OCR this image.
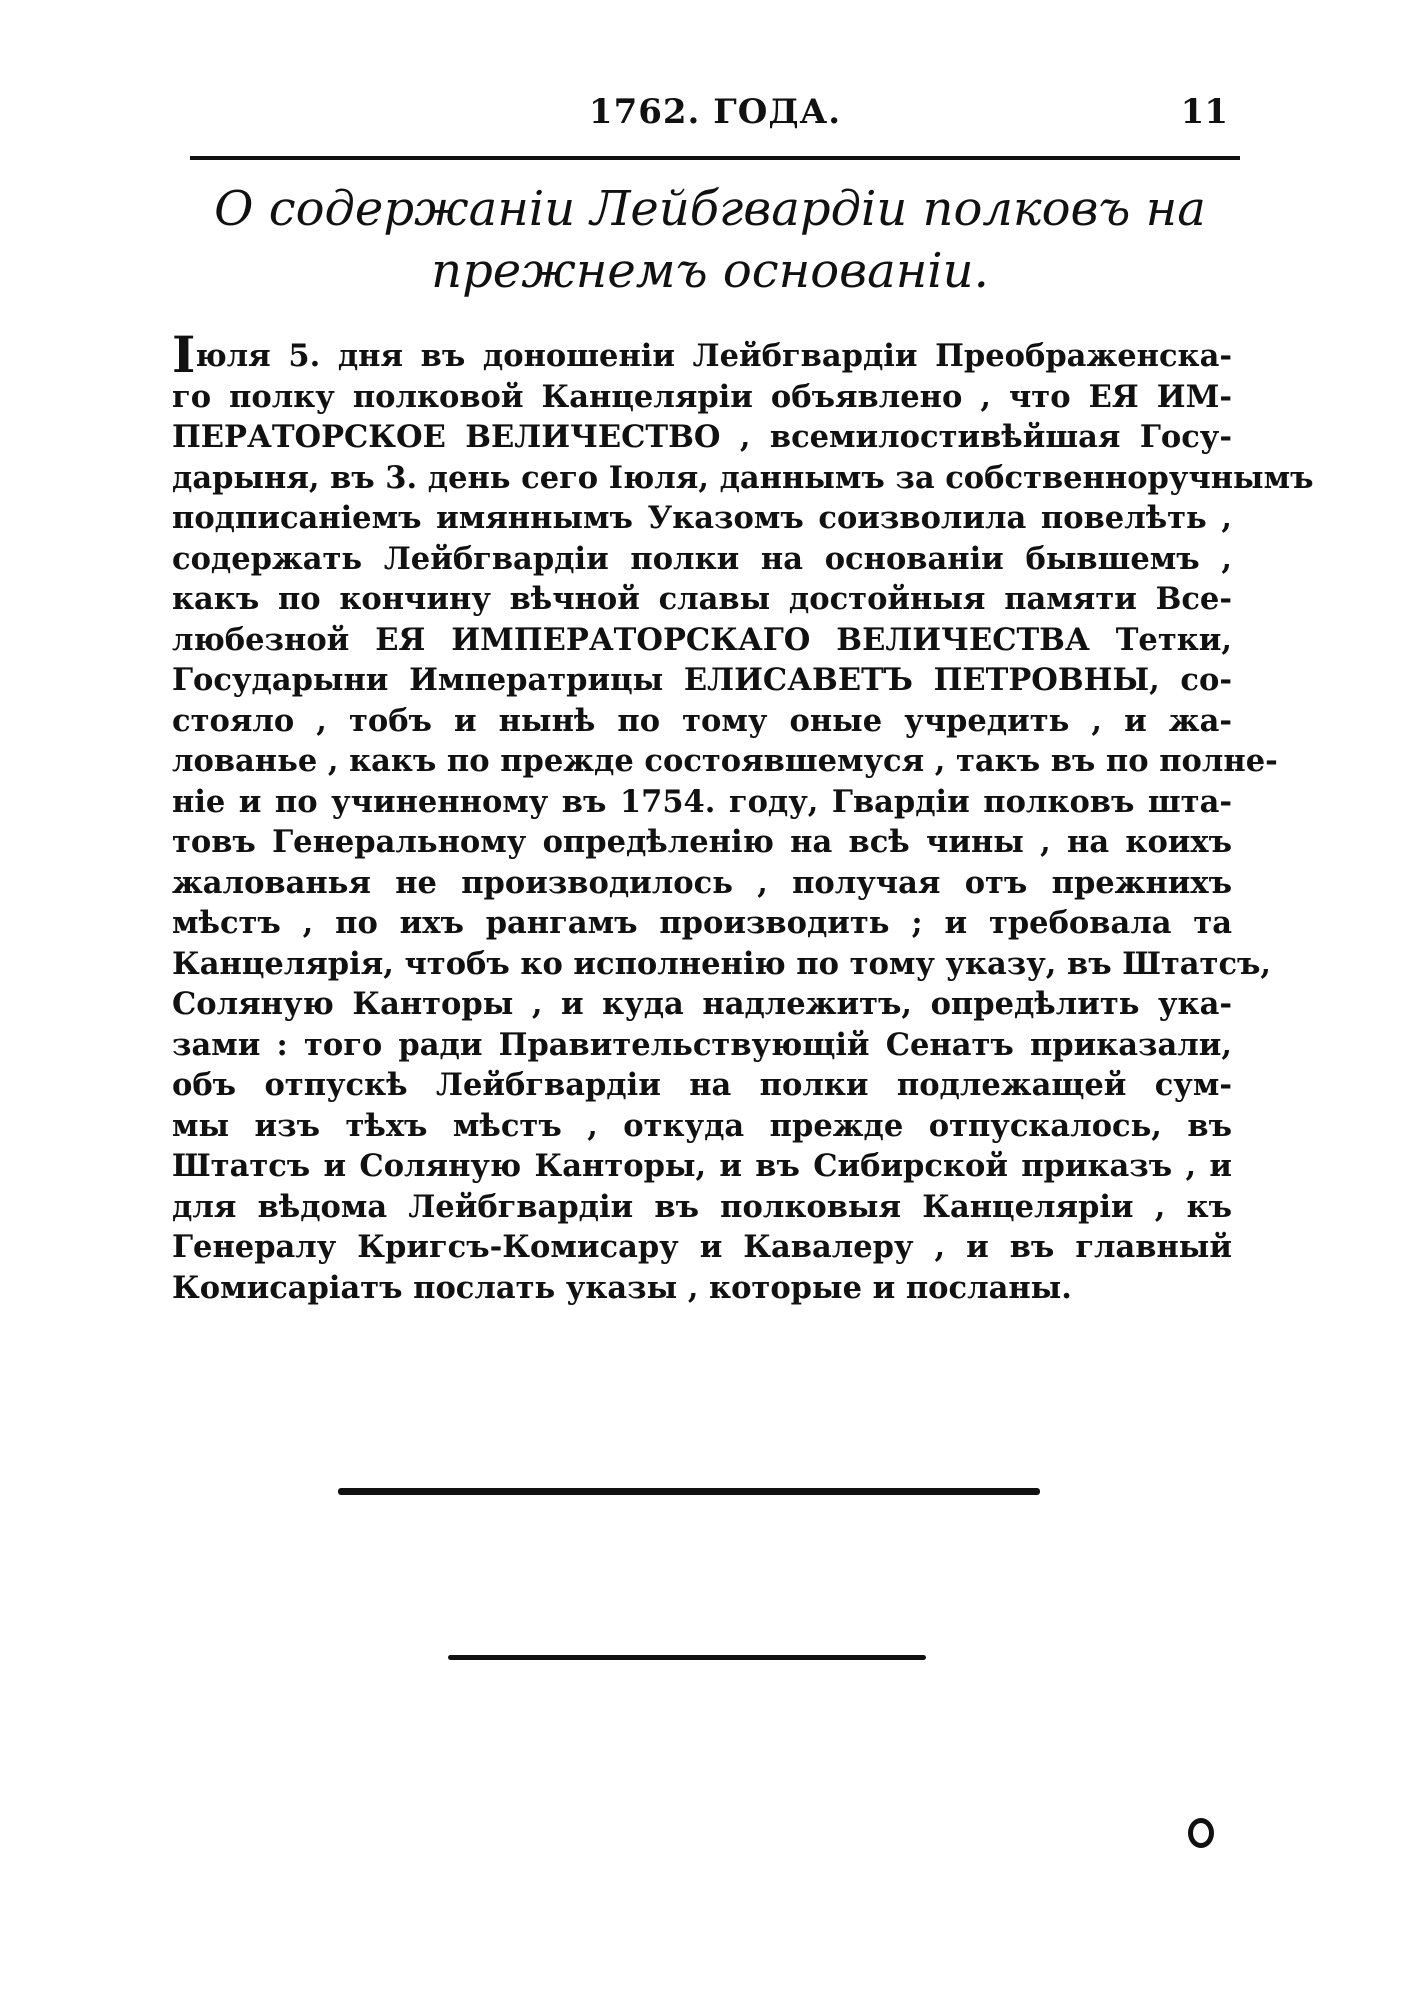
1762. ГОДА.	11
О содержанiи Лейбгвардiи полковъ на
прежнемъ основанiи.
Iюля 5. дня въ доношенiи Лейбгвардiи Преображенска-
го полку полковой Канцелярiи объявлено , что ЕЯ ИМ-
ПЕРАТОРСКОЕ ВЕЛИЧЕСТВО , всемилостивѣйшая Госу-
дарыня, въ 3. день сего Iюля, даннымъ за собственноручнымъ
подписанiемъ имяннымъ Указомъ соизволила повелѣть ,
содержать Лейбгвардiи полки на основанiи бывшемъ ,
какъ по кончину вѣчной славы достойныя памяти Все-
любезной ЕЯ ИМПЕРАТОРСКАГО ВЕЛИЧЕСТВА Тетки,
Государыни Императрицы ЕЛИСАВЕТЪ ПЕТРОВНЫ, со-
стояло , тобъ и нынѣ по тому оные учредить , и жа-
лованье , какъ по прежде состоявшемуся , такъ въ по полне-
нiе и по учиненному въ 1754. году, Гвардiи полковъ шта-
товъ Генеральному опредѣленiю на всѣ чины , на коихъ
жалованья не производилось , получая отъ прежнихъ
мѣстъ , по ихъ рангамъ производить ; и требовала та
Канцелярiя, чтобъ ко исполненiю по тому указу, въ Штатсъ,
Соляную Канторы , и куда надлежитъ, опредѣлить ука-
зами : того ради Правительствующiй Сенатъ приказали,
объ отпускѣ Лейбгвардiи на полки подлежащей сум-
мы изъ тѣхъ мѣстъ , откуда прежде отпускалось, въ
Штатсъ и Соляную Канторы, и въ Сибирской приказъ , и
для вѣдома Лейбгвардiи въ полковыя Канцелярiи , къ
Генералу Кригсъ-Комисару и Кавалеру , и въ главный
Комисарiатъ послать указы , которые и посланы.
